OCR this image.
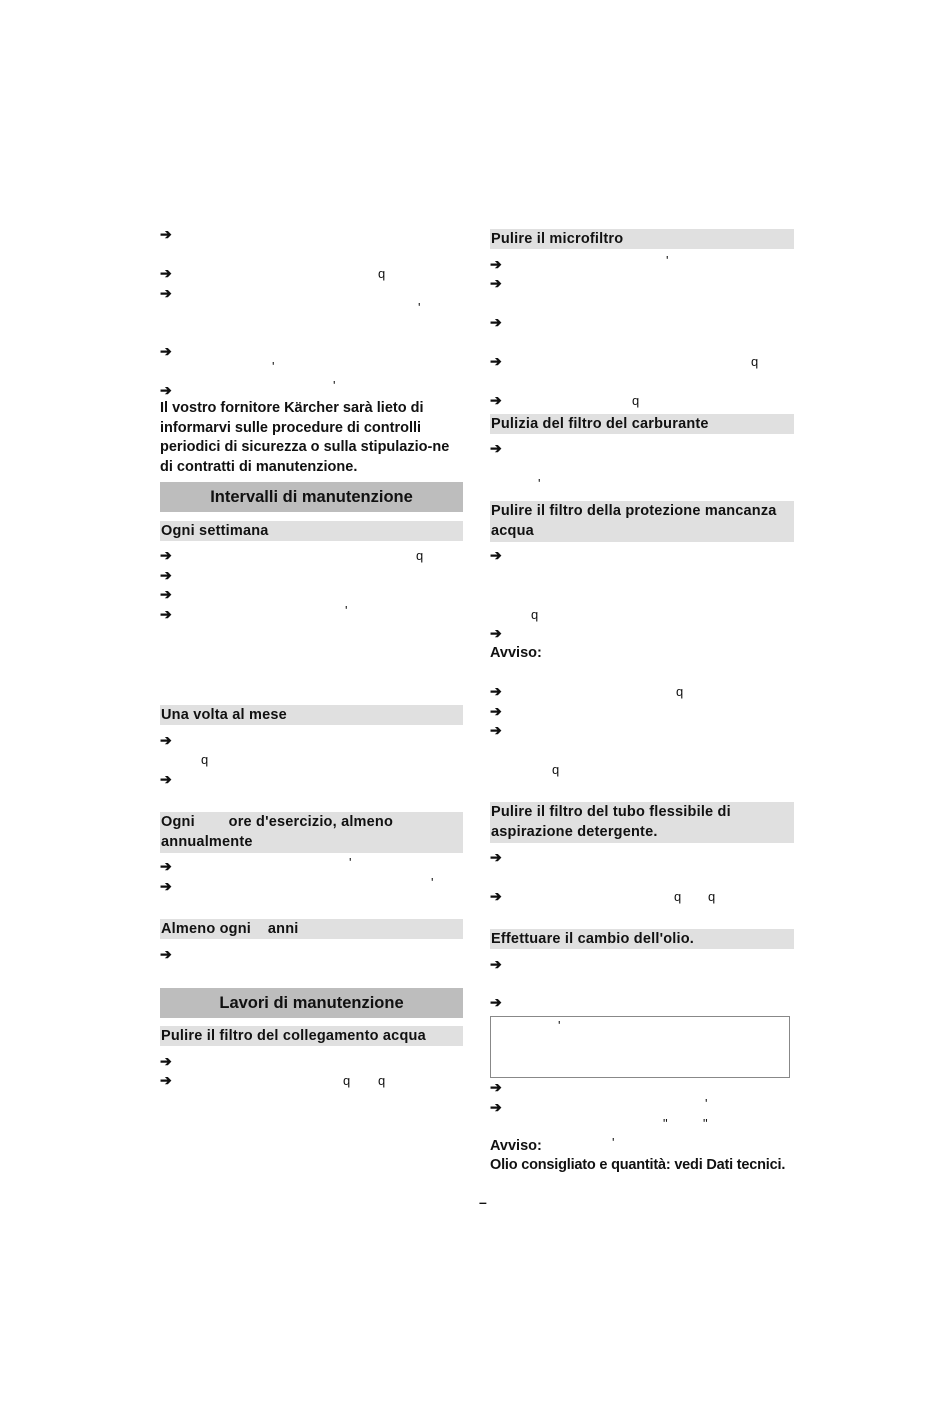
➔
➔	q
➔
'
➔
'
➔	'
Il vostro fornitore Kärcher sarà lieto di informarvi sulle procedure di controlli periodici di sicurezza o sulla stipulazio-ne di contratti di manutenzione.
Intervalli di manutenzione
Ogni settimana
➔	q
➔
➔
➔	'
Una volta al mese
➔
q
➔
Ogni        ore d'esercizio, almeno
annualmente
➔	'
➔	'
Almeno ogni    anni
➔
Lavori di manutenzione
Pulire il filtro del collegamento acqua
➔
➔	q q
Pulire il microfiltro
➔	'
➔
➔
➔	q
➔	q
Pulizia del filtro del carburante
➔
'
Pulire il filtro della protezione mancanza
acqua
➔
q
➔
Avviso:
➔	q
➔
➔
q
Pulire il filtro del tubo flessibile di
aspirazione detergente.
➔
➔	q q
Effettuare il cambio dell'olio.
➔
➔
'
➔
➔	'
"	"
Avviso:	'
Olio consigliato e quantità: vedi Dati tecnici.
–
